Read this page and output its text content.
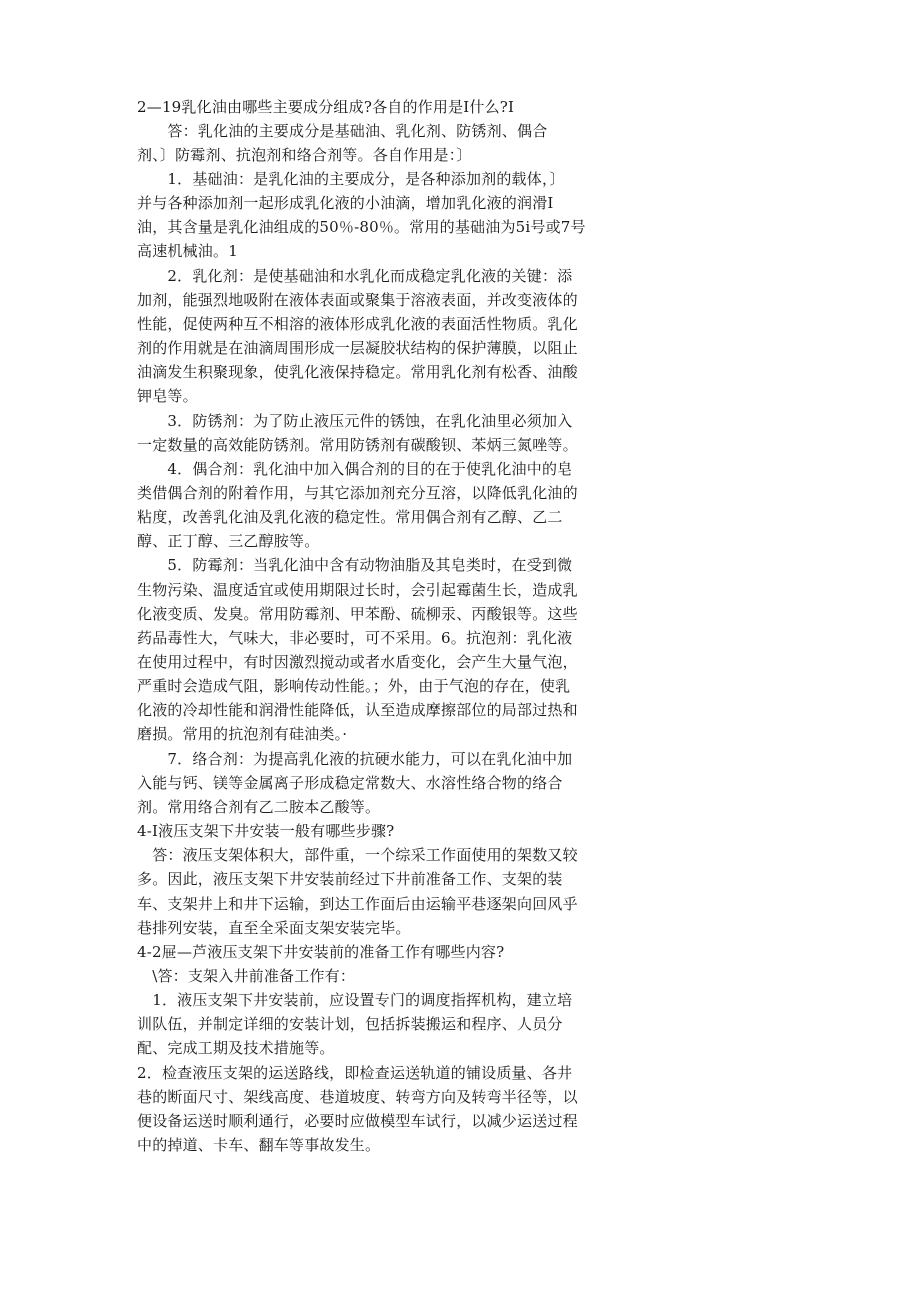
2—19乳化油由哪些主要成分组成?各自的作用是I什么?I

　　答：乳化油的主要成分是基础油、乳化剂、防锈剂、偶合

剂、〕防霉剂、抗泡剂和络合剂等。各自作用是：〕

　　1．基础油：是乳化油的主要成分，是各种添加剂的载体，〕

并与各种添加剂一起形成乳化液的小油滴，增加乳化液的润滑I

油，其含量是乳化油组成的50％-80％。常用的基础油为5i号或7号

高速机械油。1

　　2．乳化剂：是使基础油和水乳化而成稳定乳化液的关键：添

加剂，能强烈地吸附在液体表面或聚集于溶液表面，并改变液体的

性能，促使两种互不相溶的液体形成乳化液的表面活性物质。乳化

剂的作用就是在油滴周围形成一层凝胶状结构的保护薄膜，以阻止

油滴发生积聚现象，使乳化液保持稳定。常用乳化剂有松香、油酸

钾皂等。

　　3．防锈剂：为了防止液压元件的锈蚀，在乳化油里必须加入

一定数量的高效能防锈剂。常用防锈剂有碳酸钡、苯炳三氮唑等。

　　4．偶合剂：乳化油中加入偶合剂的目的在于使乳化油中的皂

类借偶合剂的附着作用，与其它添加剂充分互溶，以降低乳化油的

粘度，改善乳化油及乳化液的稳定性。常用偶合剂有乙醇、乙二

醇、正丁醇、三乙醇胺等。

　　5．防霉剂：当乳化油中含有动物油脂及其皂类时，在受到微

生物污染、温度适宜或使用期限过长时，会引起霉菌生长，造成乳

化液变质、发臭。常用防霉剂、甲苯酚、硫柳汞、丙酸银等。这些

药品毒性大，气味大，非必要时，可不采用。6。抗泡剂：乳化液

在使用过程中，有时因激烈搅动或者水盾变化，会产生大量气泡，

严重时会造成气阻，影响传动性能。；外，由于气泡的存在，使乳

化液的冷却性能和润滑性能降低，认至造成摩擦部位的局部过热和

磨损。常用的抗泡剂有硅油类。·

　　7．络合剂：为提高乳化液的抗硬水能力，可以在乳化油中加

入能与钙、镁等金属离子形成稳定常数大、水溶性络合物的络合

剂。常用络合剂有乙二胺本乙酸等。

4-I液压支架下井安装一般有哪些步骤?

　答：液压支架体积大，部件重，一个综采工作面使用的架数又较

多。因此，液压支架下井安装前经过下井前准备工作、支架的装

车、支架井上和井下运输，到达工作面后由运输平巷逐架向回风乎

巷排列安装，直至全采面支架安装完毕。

4-2屉—芦液压支架下井安装前的准备工作有哪些内容?

　\答：支架入井前准备工作有：

　1．液压支架下井安装前，应设置专门的调度指挥机构，建立培

训队伍，并制定详细的安装计划，包括拆装搬运和程序、人员分

配、完成工期及技术措施等。

2．检查液压支架的运送路线，即检查运送轨道的铺设质量、各井

巷的断面尺寸、架线高度、巷道坡度、转弯方向及转弯半径等，以

便设备运送时顺利通行，必要时应做模型车试行，以减少运送过程

中的掉道、卡车、翻车等事故发生。
